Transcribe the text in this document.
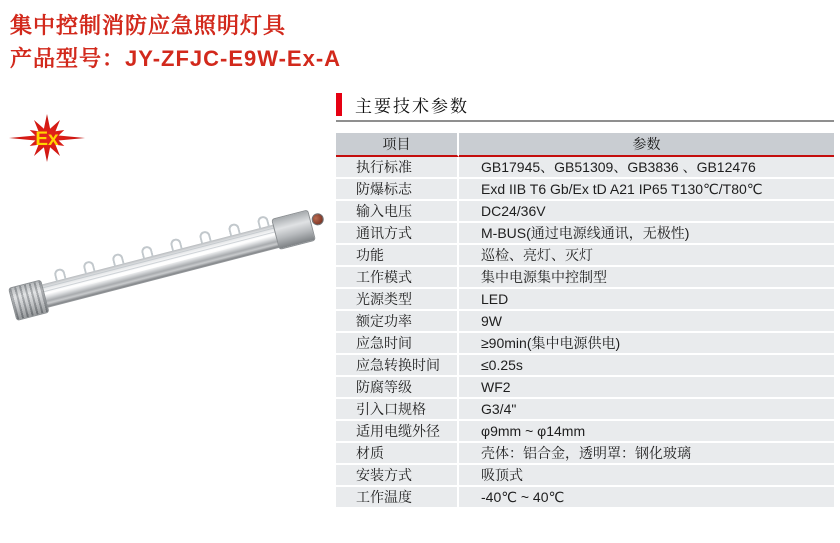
集中控制消防应急照明灯具
产品型号：JY-ZFJC-E9W-Ex-A
Ex
主要技术参数
项目	参数
执行标准	GB17945、GB51309、GB3836 、GB12476
防爆标志	Exd IIB T6 Gb/Ex tD A21 IP65 T130℃/T80℃
输入电压	DC24/36V
通讯方式	M-BUS(通过电源线通讯，无极性)
功能	巡检、亮灯、灭灯
工作模式	集中电源集中控制型
光源类型	LED
额定功率	9W
应急时间	≥90min(集中电源供电)
应急转换时间	≤0.25s
防腐等级	WF2
引入口规格	G3/4"
适用电缆外径	φ9mm ~ φ14mm
材质	壳体：铝合金，透明罩：钢化玻璃
安装方式	吸顶式
工作温度	-40℃ ~ 40℃
